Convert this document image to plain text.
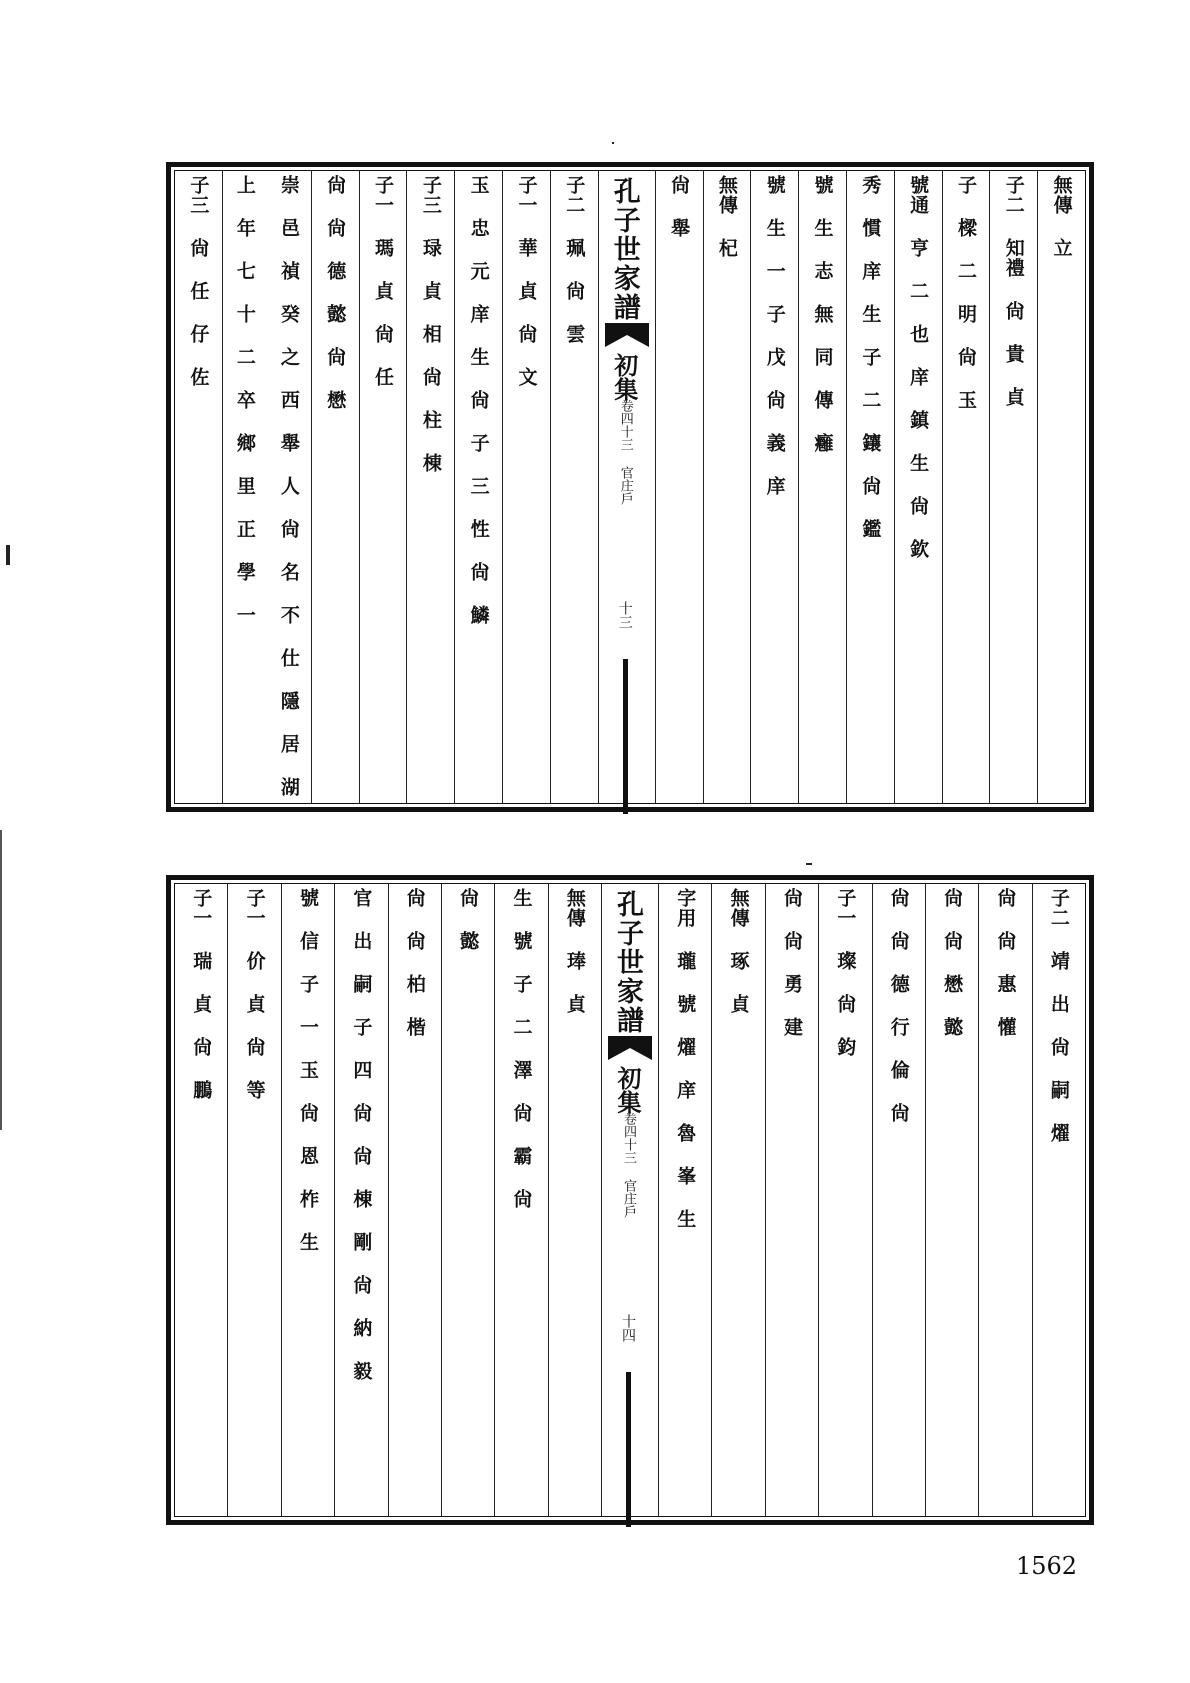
無傳 立
子二 知禮 尙 貴 貞
子 樑 二 明 尙 玉
號通 亨 二 也 庠 鎮 生 尙 欽
秀 慣 庠 生 子 二 鑲 尙 鑑
號 生 志 無 同 傳 癰
號 生 一 子 戊 尙 義 庠
無傳 杞
尙 舉
孔子世家譜
初集
卷四十三 官庄戶
十三
子二 珮 尙 雲
子一 華 貞 尙 文
玉 忠 元 庠 生 尙 子 三 性 尙 鱗
子三 琭 貞 相 尙 柱 棟
子一 瑪 貞 尙 任
尙 尙 德 懿 尙 懋
崇 邑 禎 癸 之 西 舉 人 尙 名 不 仕 隱 居 湖 上 年 七 十 二 卒 鄉 里 正 學 一
子三 尙 任 仔 佐
子二 靖 出 尙 嗣 燿
尙 尙 惠 懽
尙 尙 懋 懿
尙 尙 德 行 倫 尙
子一 璨 尙 鈞
尙 尙 勇 建
無傳 琢 貞
字用 瓏 號 燿 庠 魯 峯 生
孔子世家譜
初集
卷四十三 官庄戶
十四
無傳 琫 貞
生 號 子 二 澤 尙 霸 尙
尙 懿
尙 尙 柏 楷
官 出 嗣 子 四 尙 尙 棟 剛 尙 納 毅
號 信 子 一 玉 尙 恩 柞 生
子一 价 貞 尙 等
子一 瑞 貞 尙 鵬
1562
